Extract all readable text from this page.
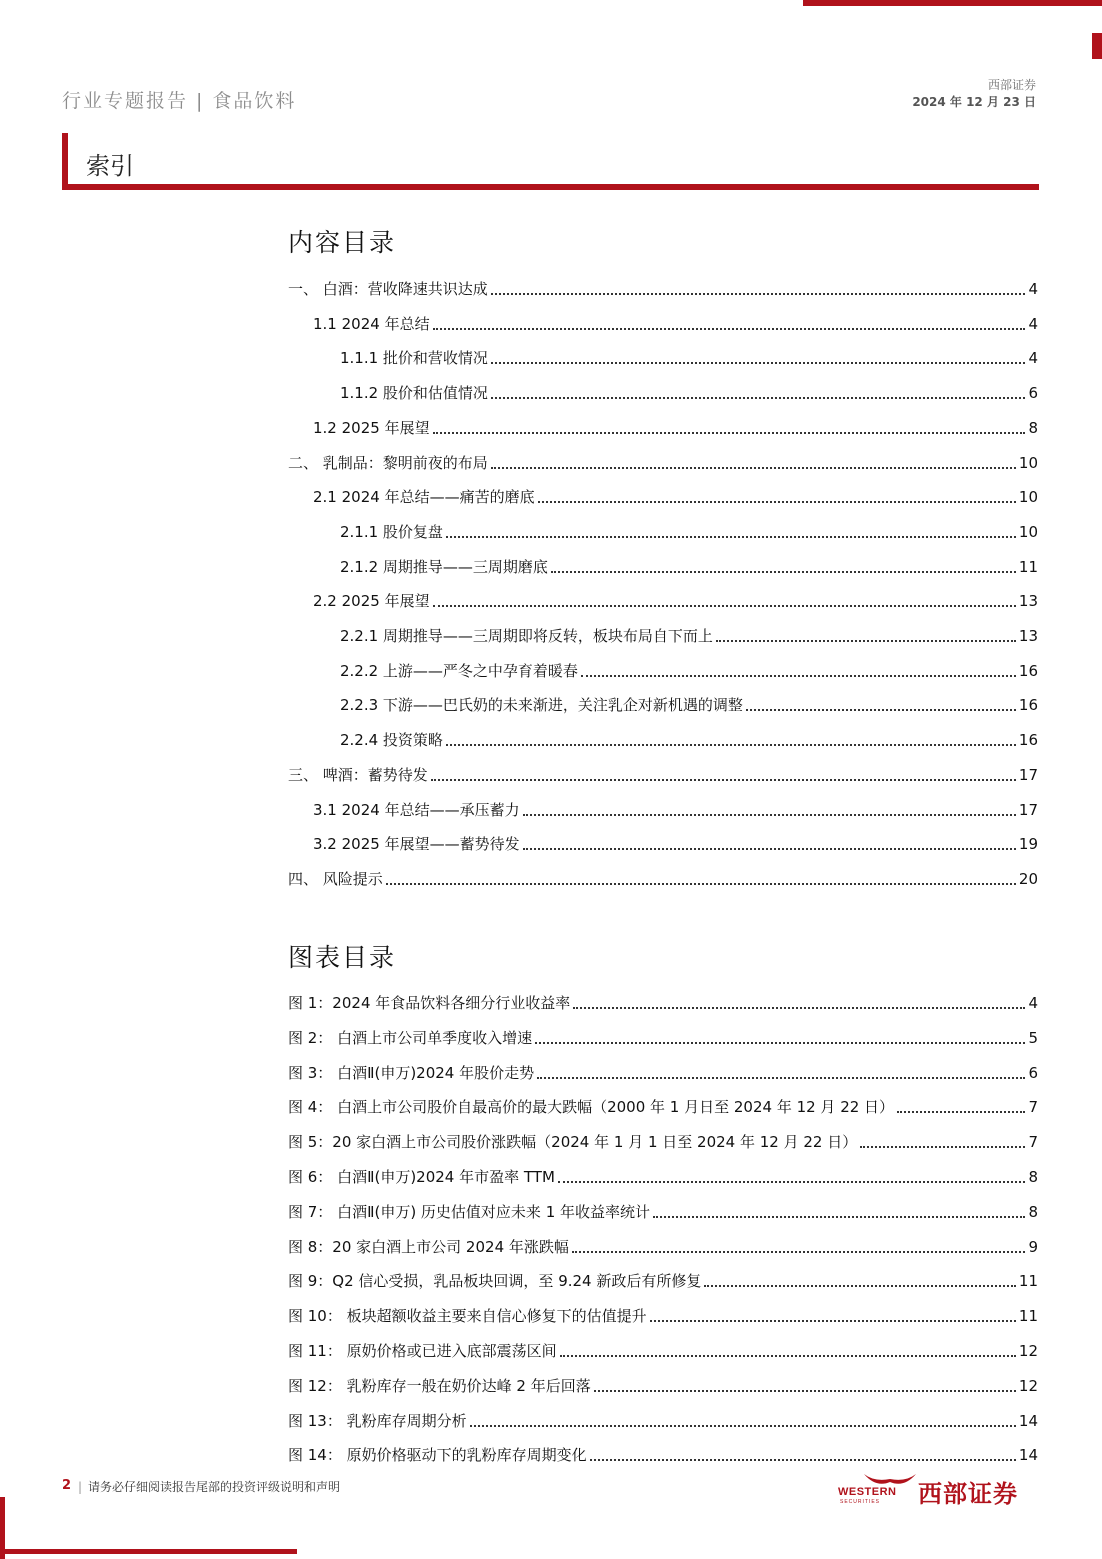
行业专题报告 | 食品饮料
西部证券
2024 年 12 月 23 日
索引
内容目录
一、 白酒：营收降速共识达成	4
1.1 2024 年总结	4
1.1.1 批价和营收情况	4
1.1.2 股价和估值情况	6
1.2 2025 年展望	8
二、 乳制品：黎明前夜的布局	10
2.1 2024 年总结——痛苦的磨底	10
2.1.1 股价复盘	10
2.1.2 周期推导——三周期磨底	11
2.2 2025 年展望	13
2.2.1 周期推导——三周期即将反转，板块布局自下而上	13
2.2.2 上游——严冬之中孕育着暖春	16
2.2.3 下游——巴氏奶的未来渐进，关注乳企对新机遇的调整	16
2.2.4 投资策略	16
三、 啤酒：蓄势待发	17
3.1 2024 年总结——承压蓄力	17
3.2 2025 年展望——蓄势待发	19
四、 风险提示	20
图表目录
图 1：2024 年食品饮料各细分行业收益率	4
图 2： 白酒上市公司单季度收入增速	5
图 3： 白酒Ⅱ(申万)2024 年股价走势	6
图 4： 白酒上市公司股价自最高价的最大跌幅（2000 年 1 月日至 2024 年 12 月 22 日）	7
图 5：20 家白酒上市公司股价涨跌幅（2024 年 1 月 1 日至 2024 年 12 月 22 日）	7
图 6： 白酒Ⅱ(申万)2024 年市盈率 TTM	8
图 7： 白酒Ⅱ(申万) 历史估值对应未来 1 年收益率统计	8
图 8：20 家白酒上市公司 2024 年涨跌幅	9
图 9：Q2 信心受损，乳品板块回调，至 9.24 新政后有所修复	11
图 10： 板块超额收益主要来自信心修复下的估值提升	11
图 11： 原奶价格或已进入底部震荡区间	12
图 12： 乳粉库存一般在奶价达峰 2 年后回落	12
图 13： 乳粉库存周期分析	14
图 14： 原奶价格驱动下的乳粉库存周期变化	14
2 | 请务必仔细阅读报告尾部的投资评级说明和声明	WESTERN
SECURITIES 西部证券
